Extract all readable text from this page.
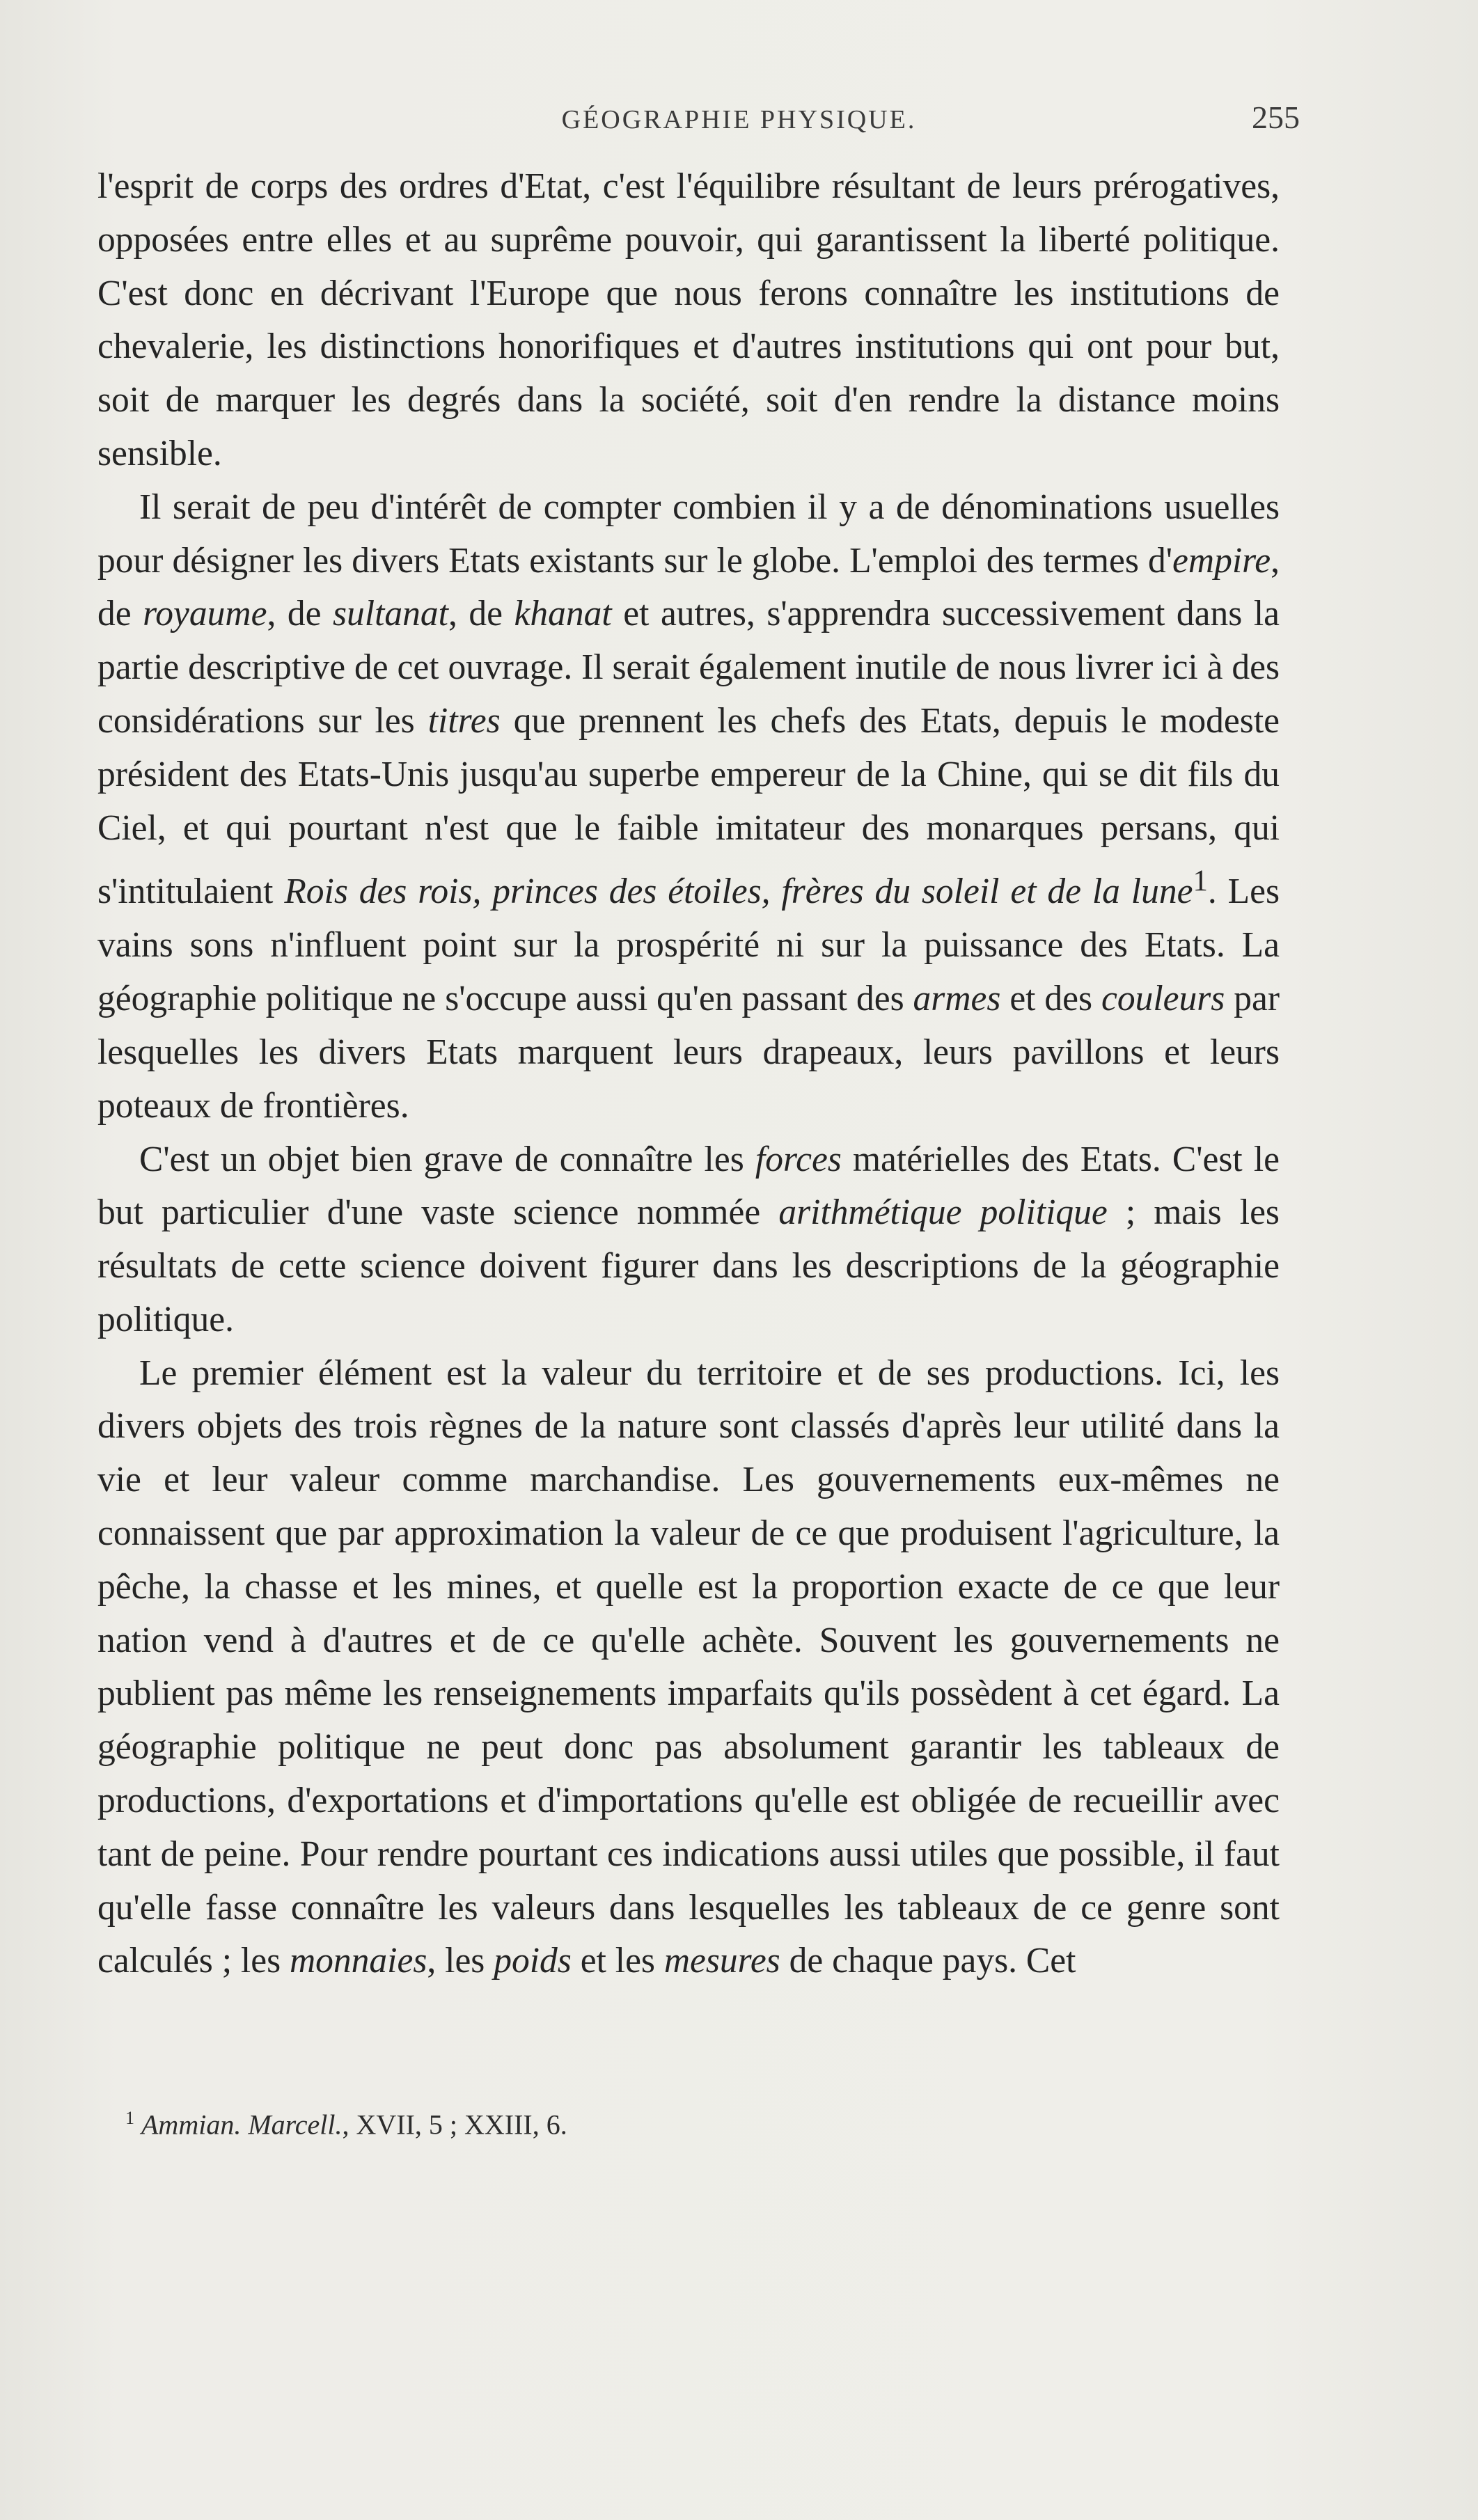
GÉOGRAPHIE PHYSIQUE.	255

l'esprit de corps des ordres d'Etat, c'est l'équilibre résultant de leurs prérogatives, opposées entre elles et au suprême pouvoir, qui garantissent la liberté politique. C'est donc en décrivant l'Europe que nous ferons connaître les institutions de chevalerie, les distinctions honorifiques et d'autres institutions qui ont pour but, soit de marquer les degrés dans la société, soit d'en rendre la distance moins sensible.

Il serait de peu d'intérêt de compter combien il y a de dénominations usuelles pour désigner les divers Etats existants sur le globe. L'emploi des termes d'empire, de royaume, de sultanat, de khanat et autres, s'apprendra successivement dans la partie descriptive de cet ouvrage. Il serait également inutile de nous livrer ici à des considérations sur les titres que prennent les chefs des Etats, depuis le modeste président des Etats-Unis jusqu'au superbe empereur de la Chine, qui se dit fils du Ciel, et qui pourtant n'est que le faible imitateur des monarques persans, qui s'intitulaient Rois des rois, princes des étoiles, frères du soleil et de la lune$^1$. Les vains sons n'influent point sur la prospérité ni sur la puissance des Etats. La géographie politique ne s'occupe aussi qu'en passant des armes et des couleurs par lesquelles les divers Etats marquent leurs drapeaux, leurs pavillons et leurs poteaux de frontières.

C'est un objet bien grave de connaître les forces matérielles des Etats. C'est le but particulier d'une vaste science nommée arithmétique politique ; mais les résultats de cette science doivent figurer dans les descriptions de la géographie politique.

Le premier élément est la valeur du territoire et de ses productions. Ici, les divers objets des trois règnes de la nature sont classés d'après leur utilité dans la vie et leur valeur comme marchandise. Les gouvernements eux-mêmes ne connaissent que par approximation la valeur de ce que produisent l'agriculture, la pêche, la chasse et les mines, et quelle est la proportion exacte de ce que leur nation vend à d'autres et de ce qu'elle achète. Souvent les gouvernements ne publient pas même les renseignements imparfaits qu'ils possèdent à cet égard. La géographie politique ne peut donc pas absolument garantir les tableaux de productions, d'exportations et d'importations qu'elle est obligée de recueillir avec tant de peine. Pour rendre pourtant ces indications aussi utiles que possible, il faut qu'elle fasse connaître les valeurs dans lesquelles les tableaux de ce genre sont calculés ; les monnaies, les poids et les mesures de chaque pays. Cet

$^1$ Ammian. Marcell., XVII, 5 ; XXIII, 6.
